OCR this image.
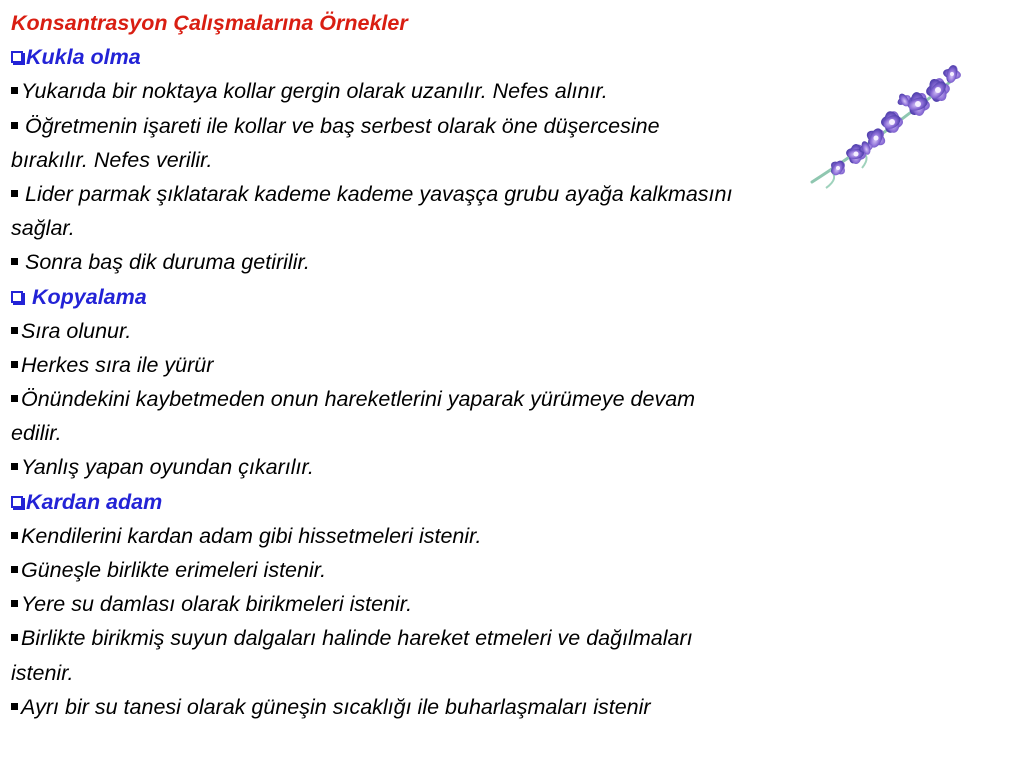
Konsantrasyon Çalışmalarına Örnekler
Kukla olma
Yukarıda bir noktaya kollar gergin olarak uzanılır. Nefes alınır.
Öğretmenin işareti ile kollar ve baş serbest olarak öne düşercesine
bırakılır. Nefes verilir.
Lider parmak şıklatarak kademe kademe yavaşça grubu ayağa kalkmasını
sağlar.
Sonra baş dik duruma getirilir.
Kopyalama
Sıra olunur.
Herkes sıra ile yürür
Önündekini kaybetmeden onun hareketlerini yaparak yürümeye devam
edilir.
Yanlış yapan oyundan çıkarılır.
Kardan adam
Kendilerini kardan adam gibi hissetmeleri istenir.
Güneşle birlikte erimeleri istenir.
Yere su damlası olarak birikmeleri istenir.
Birlikte birikmiş suyun dalgaları halinde hareket etmeleri ve dağılmaları
istenir.
Ayrı bir su tanesi olarak güneşin sıcaklığı ile buharlaşmaları istenir
